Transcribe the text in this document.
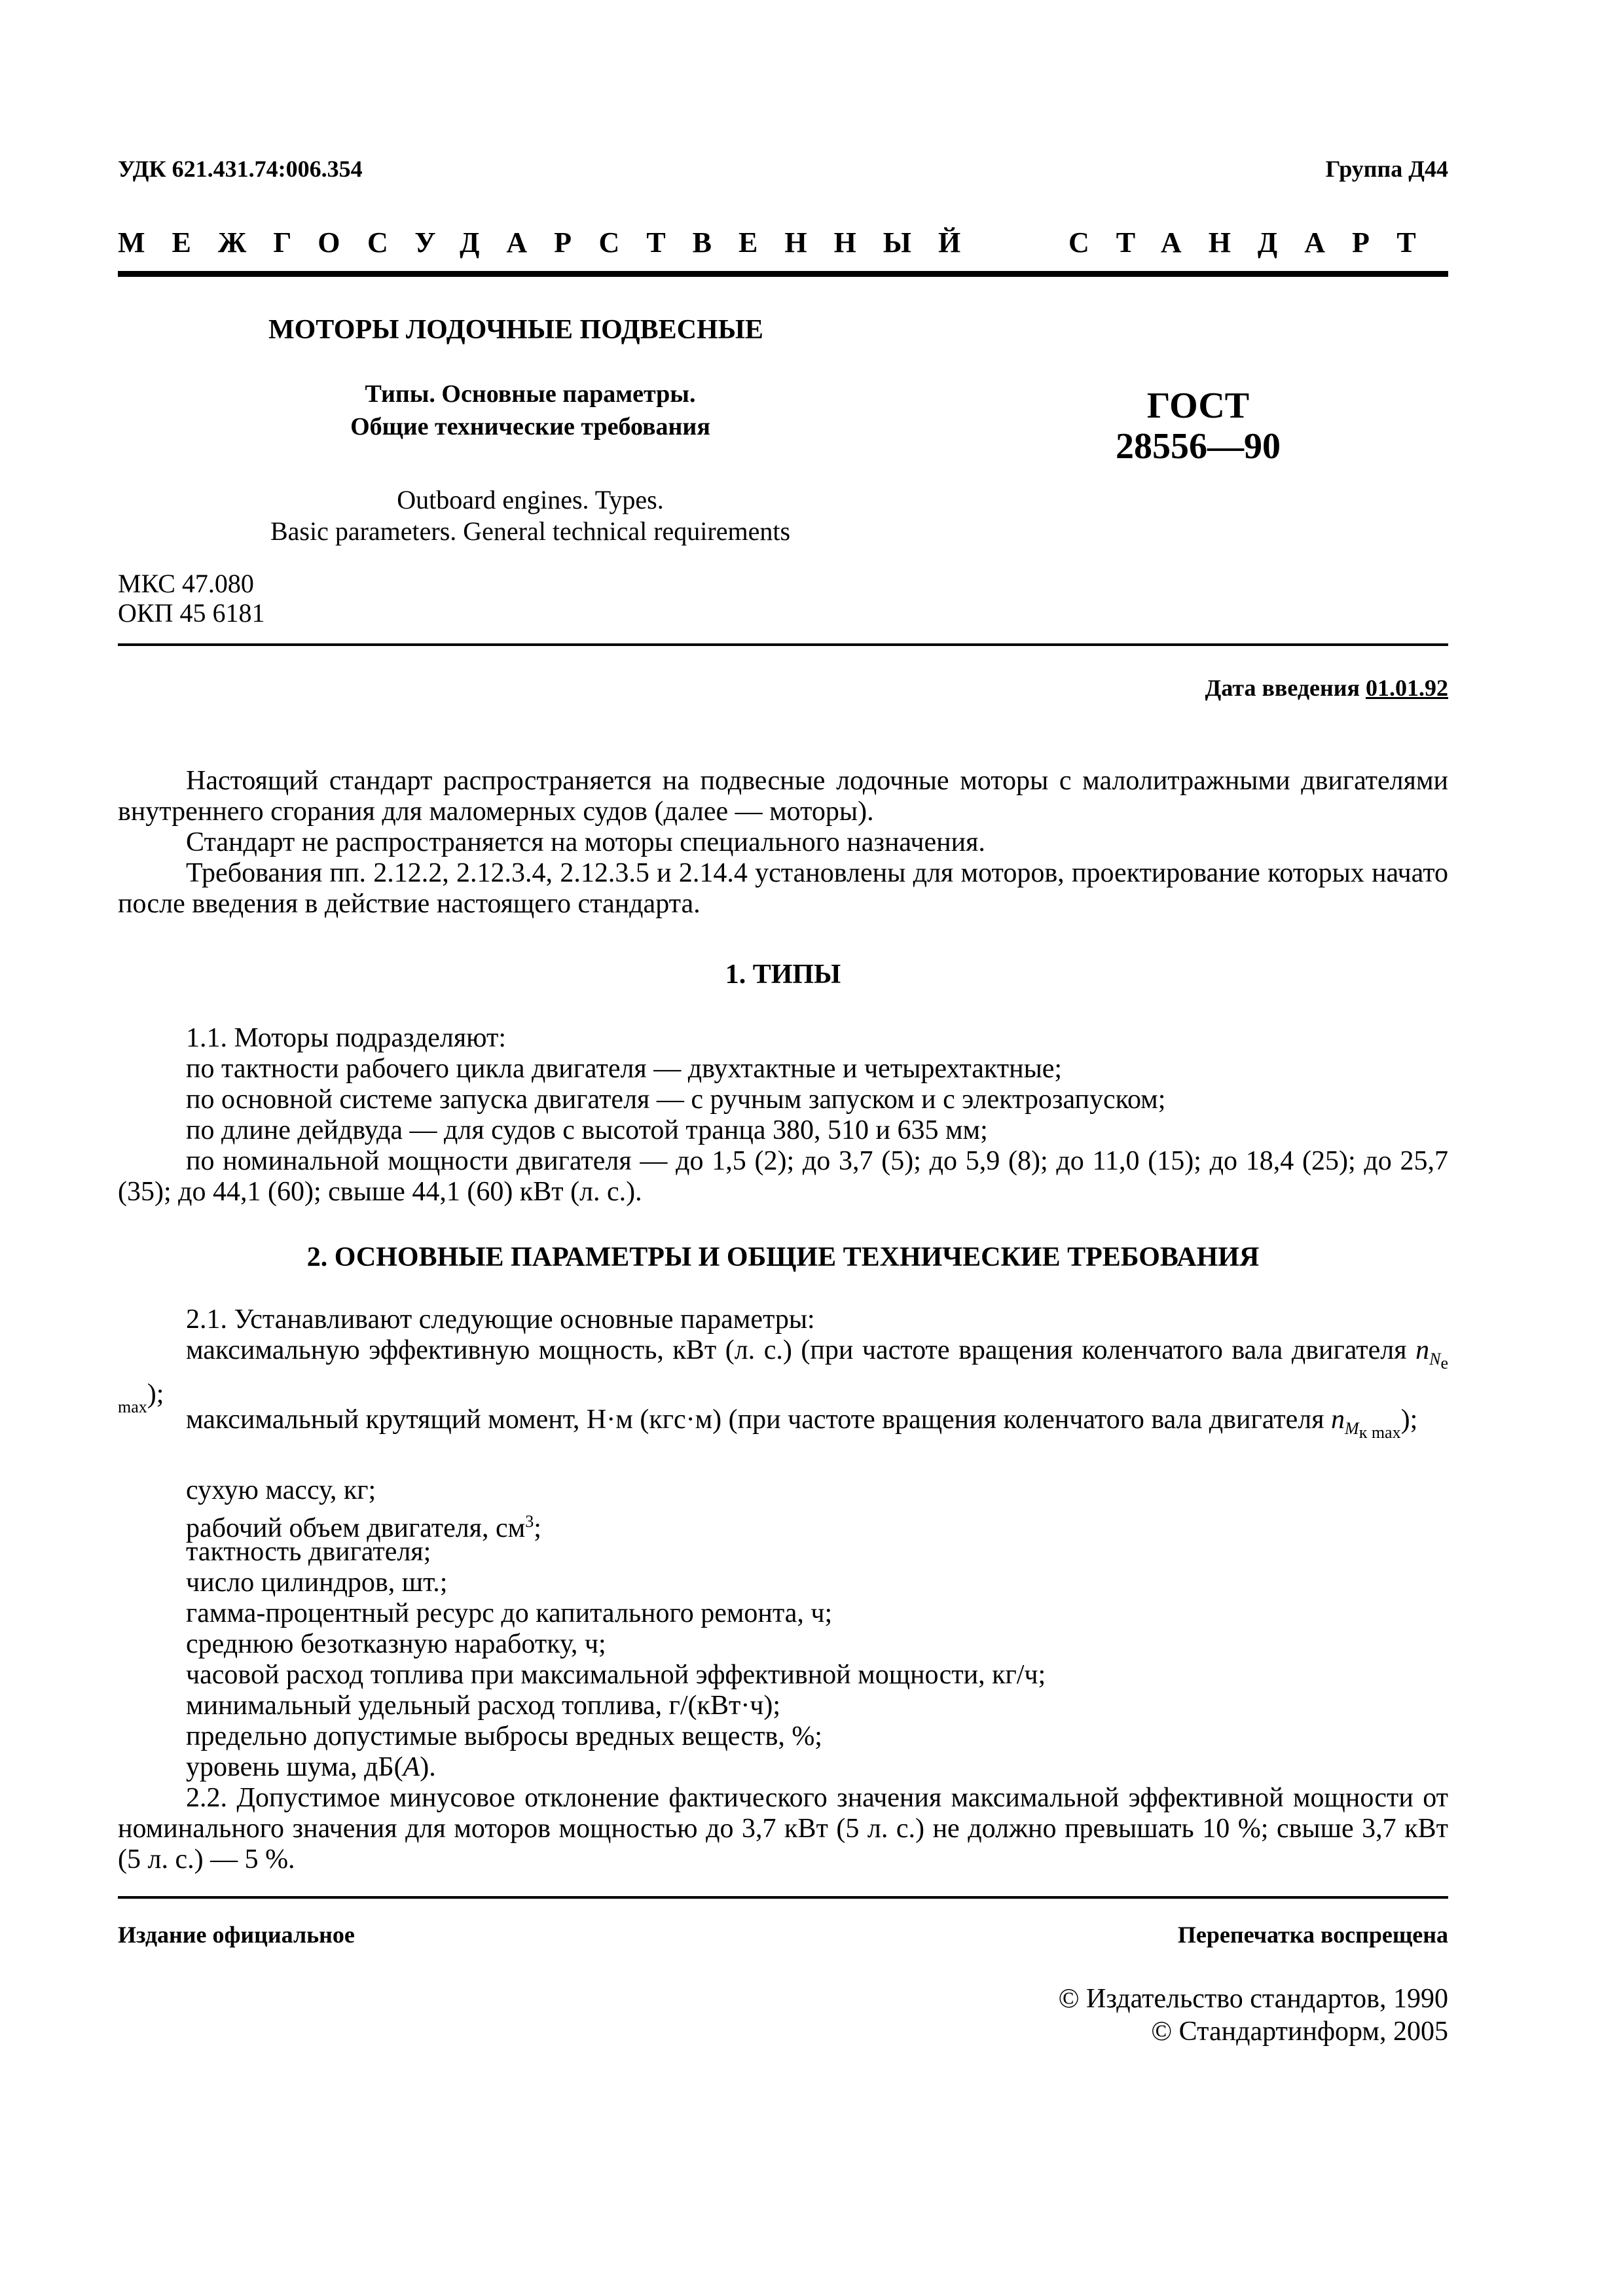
УДК 621.431.74:006.354	Группа Д44
МЕЖГОСУДАРСТВЕННЫЙ	СТАНДАРТ
МОТОРЫ ЛОДОЧНЫЕ ПОДВЕСНЫЕ
Типы. Основные параметры.
Общие технические требования
ГОСТ
28556—90
Outboard engines. Types.
Basic parameters. General technical requirements
МКС 47.080
ОКП 45 6181
Дата введения 01.01.92
Настоящий стандарт распространяется на подвесные лодочные моторы с малолитражными двигателями внутреннего сгорания для маломерных судов (далее — моторы).
Стандарт не распространяется на моторы специального назначения.
Требования пп. 2.12.2, 2.12.3.4, 2.12.3.5 и 2.14.4 установлены для моторов, проектирование которых начато после введения в действие настоящего стандарта.
1. ТИПЫ
1.1. Моторы подразделяют:
по тактности рабочего цикла двигателя — двухтактные и четырехтактные;
по основной системе запуска двигателя — с ручным запуском и с электрозапуском;
по длине дейдвуда — для судов с высотой транца 380, 510 и 635 мм;
по номинальной мощности двигателя — до 1,5 (2); до 3,7 (5); до 5,9 (8); до 11,0 (15); до 18,4 (25); до 25,7 (35); до 44,1 (60); свыше 44,1 (60) кВт (л. с.).
2. ОСНОВНЫЕ ПАРАМЕТРЫ И ОБЩИЕ ТЕХНИЧЕСКИЕ ТРЕБОВАНИЯ
2.1. Устанавливают следующие основные параметры:
максимальную эффективную мощность, кВт (л. с.) (при частоте вращения коленчатого вала двигателя $n_{N_{e max}}$);
максимальный крутящий момент, Н·м (кгс·м) (при частоте вращения коленчатого вала двигателя $n_{M_{к max}}$);
сухую массу, кг;
рабочий объем двигателя, $см^3$;
тактность двигателя;
число цилиндров, шт.;
гамма-процентный ресурс до капитального ремонта, ч;
среднюю безотказную наработку, ч;
часовой расход топлива при максимальной эффективной мощности, кг/ч;
минимальный удельный расход топлива, г/(кВт·ч);
предельно допустимые выбросы вредных веществ, %;
уровень шума, дБ(A).
2.2. Допустимое минусовое отклонение фактического значения максимальной эффективной мощности от номинального значения для моторов мощностью до 3,7 кВт (5 л. с.) не должно превышать 10 %; свыше 3,7 кВт (5 л. с.) — 5 %.
Издание официальное	Перепечатка воспрещена
© Издательство стандартов, 1990
© Стандартинформ, 2005
